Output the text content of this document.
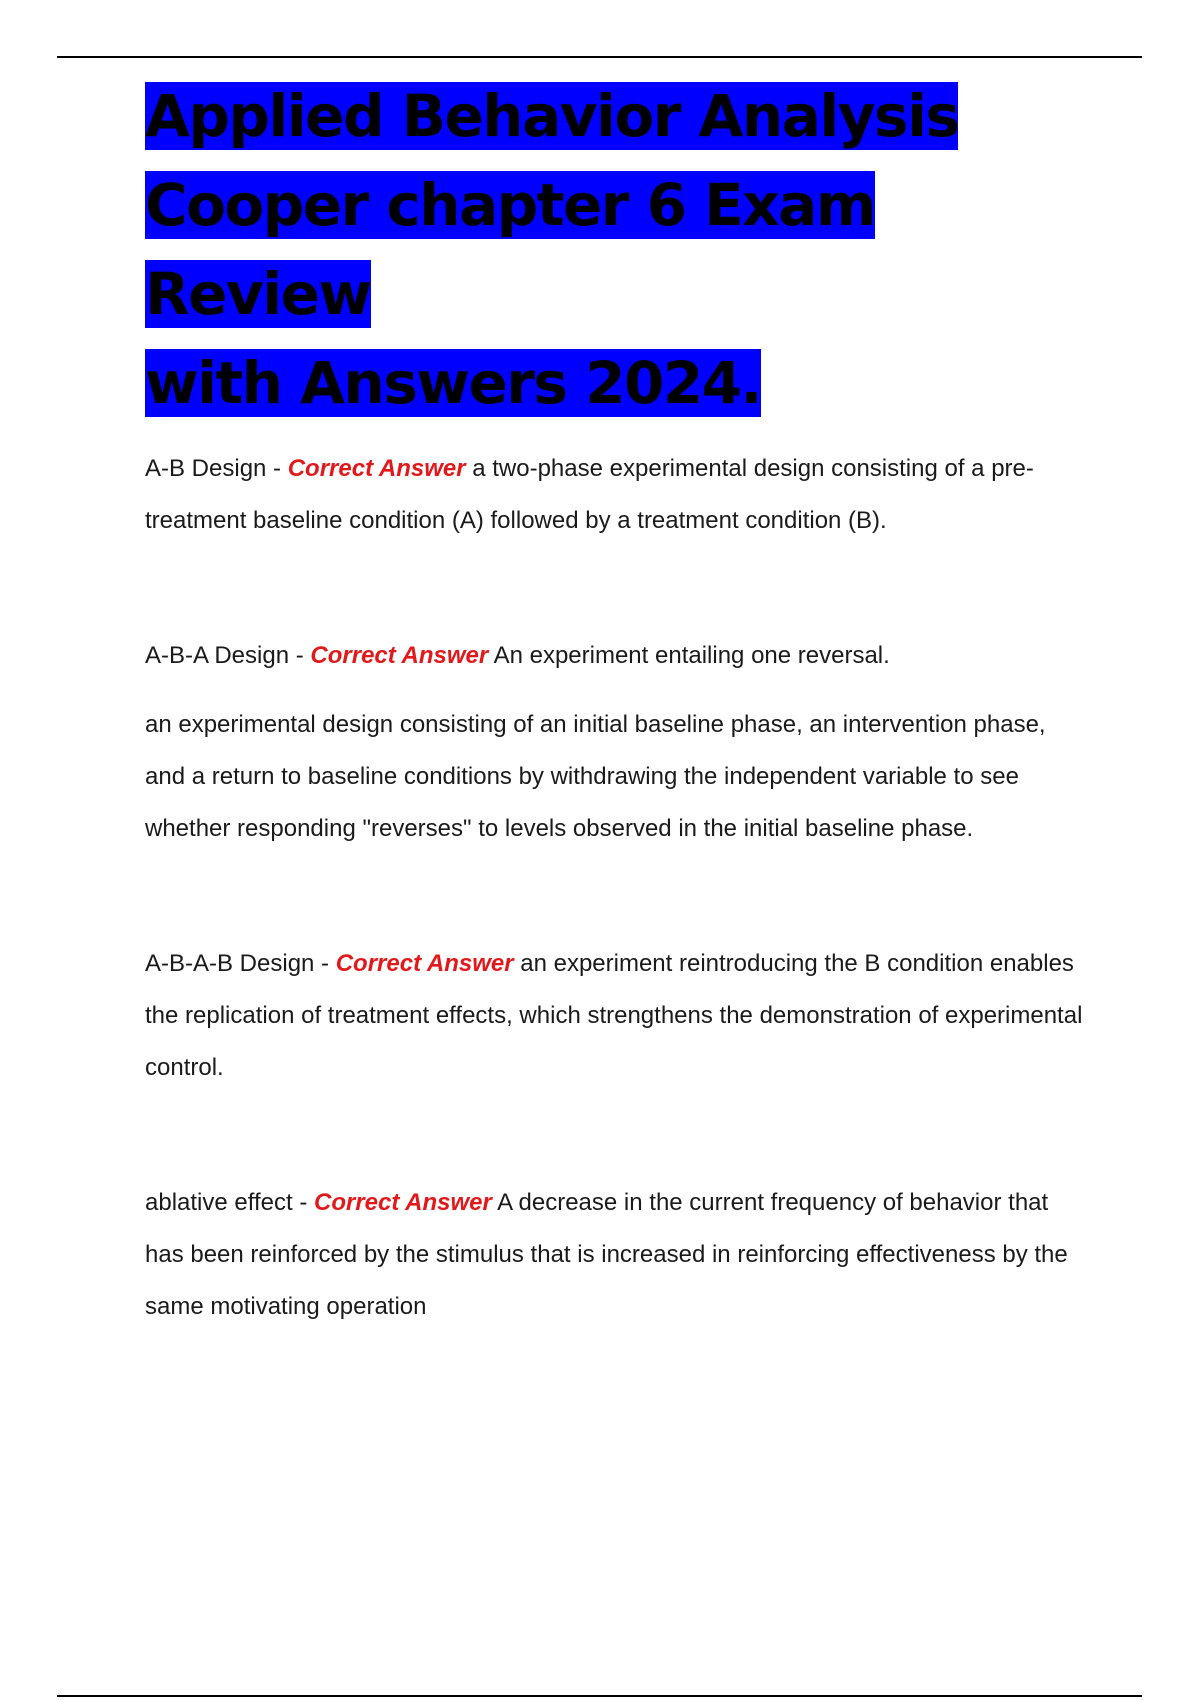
Applied Behavior Analysis
Cooper chapter 6 Exam Review
with Answers 2024.

A-B Design - Correct Answer a two-phase experimental design consisting of a pre-treatment baseline condition (A) followed by a treatment condition (B).

A-B-A Design - Correct Answer An experiment entailing one reversal.

an experimental design consisting of an initial baseline phase, an intervention phase, and a return to baseline conditions by withdrawing the independent variable to see whether responding "reverses" to levels observed in the initial baseline phase.

A-B-A-B Design - Correct Answer an experiment reintroducing the B condition enables the replication of treatment effects, which strengthens the demonstration of experimental control.

ablative effect - Correct Answer A decrease in the current frequency of behavior that has been reinforced by the stimulus that is increased in reinforcing effectiveness by the same motivating operation
